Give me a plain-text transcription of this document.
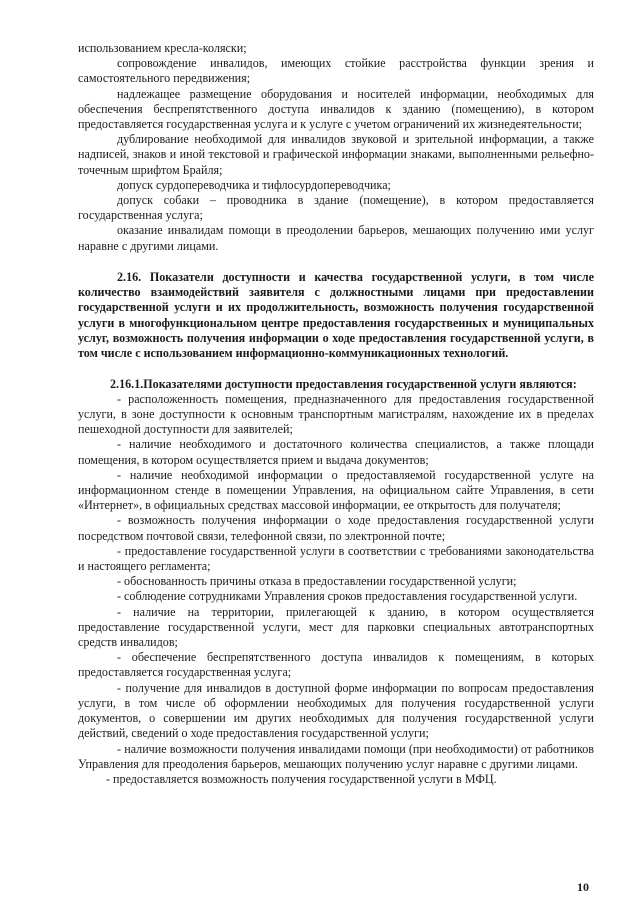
использованием кресла-коляски;

сопровождение инвалидов, имеющих стойкие расстройства функции зрения и самостоятельного передвижения;

надлежащее размещение оборудования и носителей информации, необходимых для обеспечения беспрепятственного доступа инвалидов к зданию (помещению), в котором предоставляется государственная услуга и к услуге с учетом ограничений их жизнедеятельности;

дублирование необходимой для инвалидов звуковой и зрительной информации, а также надписей, знаков и иной текстовой и графической информации знаками, выполненными рельефно-точечным шрифтом Брайля;

допуск сурдопереводчика и тифлосурдопереводчика;

допуск собаки – проводника в здание (помещение), в котором предоставляется государственная услуга;

оказание инвалидам помощи в преодолении барьеров, мешающих получению ими услуг наравне с другими лицами.

2.16. Показатели доступности и качества государственной услуги, в том числе количество взаимодействий заявителя с должностными лицами при предоставлении государственной услуги и их продолжительность, возможность получения государственной услуги в многофункциональном центре предоставления государственных и муниципальных услуг, возможность получения информации о ходе предоставления государственной услуги, в том числе с использованием информационно-коммуникационных технологий.

2.16.1.Показателями доступности предоставления государственной услуги являются:

- расположенность помещения, предназначенного для предоставления государственной услуги, в зоне доступности к основным транспортным магистралям, нахождение их в пределах пешеходной доступности для заявителей;

- наличие необходимого и достаточного количества специалистов, а также площади помещения, в котором осуществляется прием и выдача документов;

- наличие необходимой информации о предоставляемой государственной услуге на информационном стенде в помещении Управления, на официальном сайте Управления, в сети «Интернет», в официальных средствах массовой информации, ее открытость для получателя;

- возможность получения информации о ходе предоставления государственной услуги посредством почтовой связи, телефонной связи, по электронной почте;

- предоставление государственной услуги в соответствии с требованиями законодательства и настоящего регламента;

- обоснованность причины отказа в предоставлении государственной услуги;

- соблюдение сотрудниками Управления сроков предоставления государственной услуги.

- наличие на территории, прилегающей к зданию, в котором осуществляется предоставление государственной услуги, мест для парковки специальных автотранспортных средств инвалидов;

- обеспечение беспрепятственного доступа инвалидов к помещениям, в которых предоставляется государственная услуга;

- получение для инвалидов в доступной форме информации по вопросам предоставления услуги, в том числе об оформлении необходимых для получения государственной услуги документов, о совершении им других необходимых для получения государственной услуги действий, сведений о ходе предоставления государственной услуги;

- наличие возможности получения инвалидами помощи (при необходимости) от работников Управления для преодоления барьеров, мешающих получению услуг наравне с другими лицами.

- предоставляется возможность получения государственной услуги в МФЦ.

10
